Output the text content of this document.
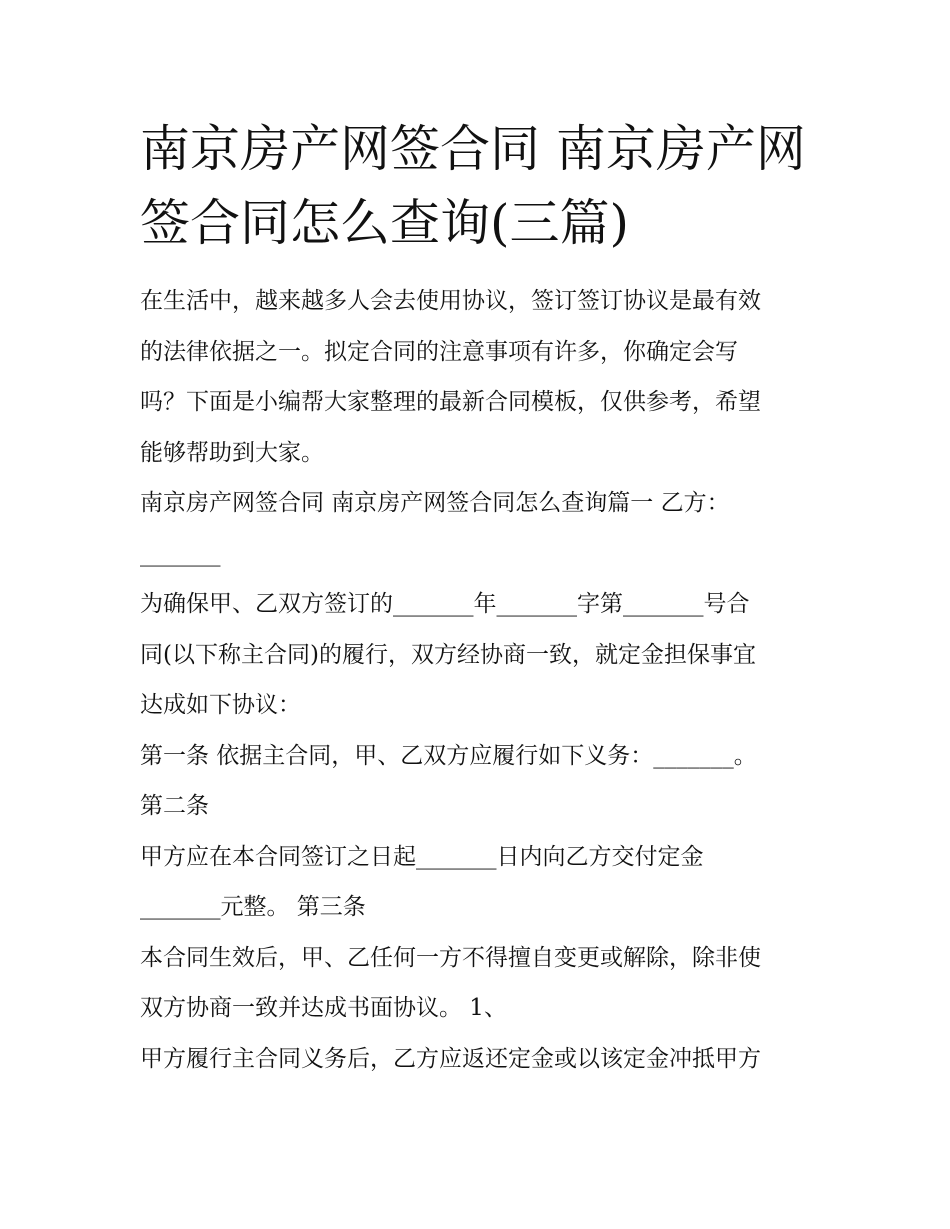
南京房产网签合同 南京房产网
签合同怎么查询(三篇)
在生活中，越来越多人会去使用协议，签订签订协议是最有效
的法律依据之一。拟定合同的注意事项有许多，你确定会写
吗？下面是小编帮大家整理的最新合同模板，仅供参考，希望
能够帮助到大家。
南京房产网签合同 南京房产网签合同怎么查询篇一 乙方：
_______
为确保甲、乙双方签订的_______年_______字第_______号合
同(以下称主合同)的履行，双方经协商一致，就定金担保事宜
达成如下协议：
第一条 依据主合同，甲、乙双方应履行如下义务：_______。
第二条
甲方应在本合同签订之日起_______日内向乙方交付定金
_______元整。 第三条
本合同生效后，甲、乙任何一方不得擅自变更或解除，除非使
双方协商一致并达成书面协议。 1、
甲方履行主合同义务后，乙方应返还定金或以该定金冲抵甲方
